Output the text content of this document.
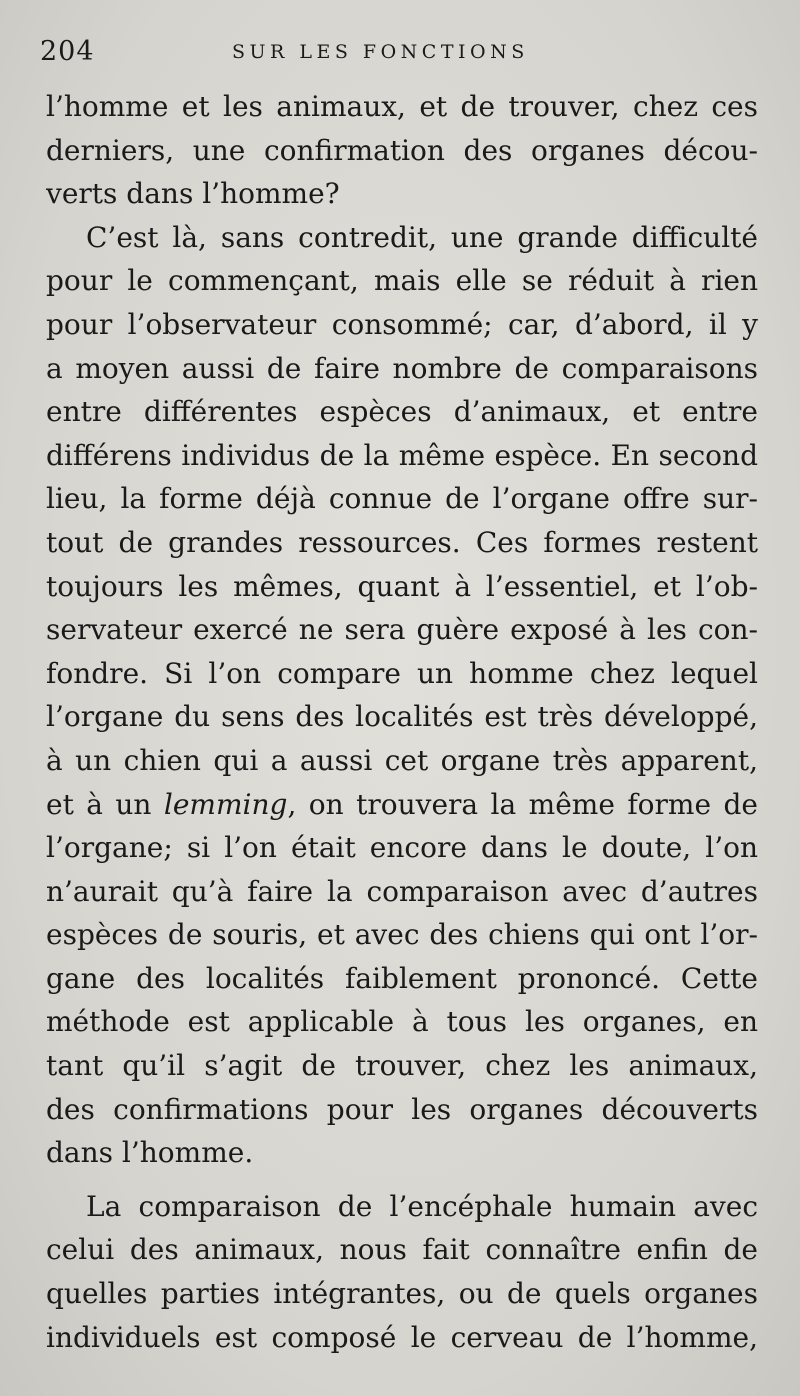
204	SUR LES FONCTIONS
l’homme et les animaux, et de trouver, chez ces
derniers, une confirmation des organes décou-
verts dans l’homme?
C’est là, sans contredit, une grande difficulté
pour le commençant, mais elle se réduit à rien
pour l’observateur consommé; car, d’abord, il y
a moyen aussi de faire nombre de comparaisons
entre différentes espèces d’animaux, et entre
différens individus de la même espèce. En second
lieu, la forme déjà connue de l’organe offre sur-
tout de grandes ressources. Ces formes restent
toujours les mêmes, quant à l’essentiel, et l’ob-
servateur exercé ne sera guère exposé à les con-
fondre. Si l’on compare un homme chez lequel
l’organe du sens des localités est très développé,
à un chien qui a aussi cet organe très apparent,
et à un lemming, on trouvera la même forme de
l’organe; si l’on était encore dans le doute, l’on
n’aurait qu’à faire la comparaison avec d’autres
espèces de souris, et avec des chiens qui ont l’or-
gane des localités faiblement prononcé. Cette
méthode est applicable à tous les organes, en
tant qu’il s’agit de trouver, chez les animaux,
des confirmations pour les organes découverts
dans l’homme.
La comparaison de l’encéphale humain avec
celui des animaux, nous fait connaître enfin de
quelles parties intégrantes, ou de quels organes
individuels est composé le cerveau de l’homme,
